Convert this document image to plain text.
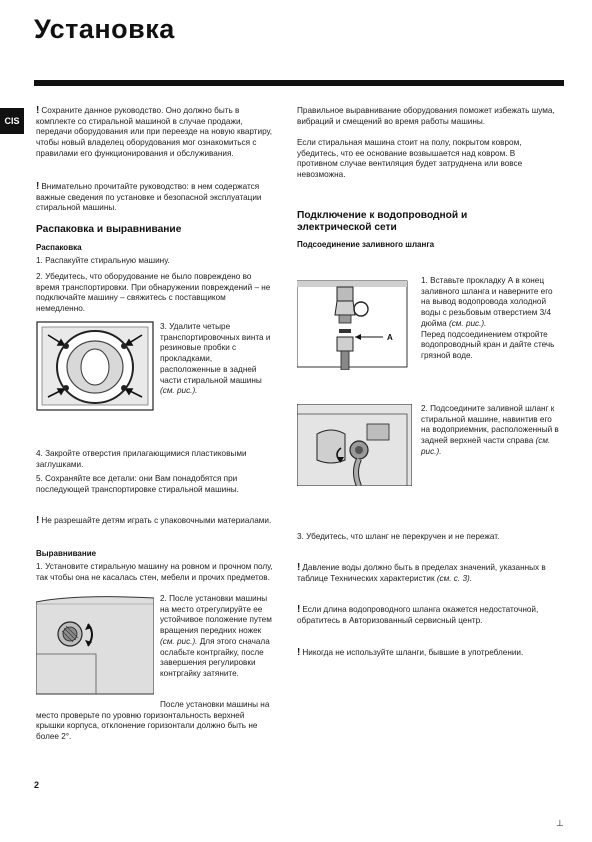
Установка
CIS
! Сохраните данное руководство. Оно должно быть в комплекте со стиральной машиной в случае продажи, передачи оборудования или при переезде на новую квартиру, чтобы новый владелец оборудования мог ознакомиться с правилами его функционирования и обслуживания.
! Внимательно прочитайте руководство: в нем содержатся важные сведения по установке и безопасной эксплуатации стиральной машины.
Распаковка и выравнивание
Распаковка
1. Распакуйте стиральную машину.
2. Убедитесь, что оборудование не было повреждено во время транспортировки. При обнаружении повреждений – не подключайте машину – свяжитесь с поставщиком немедленно.
3. Удалите четыре транспортировочных винта и резиновые пробки с прокладками, расположенные в задней части стиральной машины (см. рис.).
4. Закройте отверстия прилагающимися пластиковыми заглушками.
5. Сохраняйте все детали: они Вам понадобятся при последующей транспортировке стиральной машины.
! Не разрешайте детям играть с упаковочными материалами.
Выравнивание
1. Установите стиральную машину на ровном и прочном полу, так чтобы она не касалась стен, мебели и прочих предметов.
2. После установки машины на место отрегулируйте ее устойчивое положение путем вращения передних ножек (см. рис.). Для этого сначала ослабьте контргайку, после завершения регулировки контргайку затяните.
После установки машины на место проверьте по уровню горизонтальность верхней крышки корпуса, отклонение горизонтали должно быть не более 2°.
Правильное выравнивание оборудования поможет избежать шума, вибраций и смещений во время работы машины.
Если стиральная машина стоит на полу, покрытом ковром, убедитесь, что ее основание возвышается над ковром. В противном случае вентиляция будет затруднена или вовсе невозможна.
Подключение к водопроводной и электрической сети
Подсоединение заливного шланга
A
1. Вставьте прокладку А в конец заливного шланга и наверните его на вывод водопровода холодной воды с резьбовым отверстием 3/4 дюйма (см. рис.).
Перед подсоединением откройте водопроводный кран и дайте стечь грязной воде.
2. Подсоедините заливной шланг к стиральной машине, навинтив его на водоприемник, расположенный в задней верхней части справа (см. рис.).
3. Убедитесь, что шланг не перекручен и не пережат.
! Давление воды должно быть в пределах значений, указанных в таблице Технических характеристик (см. с. 3).
! Если длина водопроводного шланга окажется недостаточной, обратитесь в Авторизованный сервисный центр.
! Никогда не используйте шланги, бывшие в употреблении.
2
⊥
